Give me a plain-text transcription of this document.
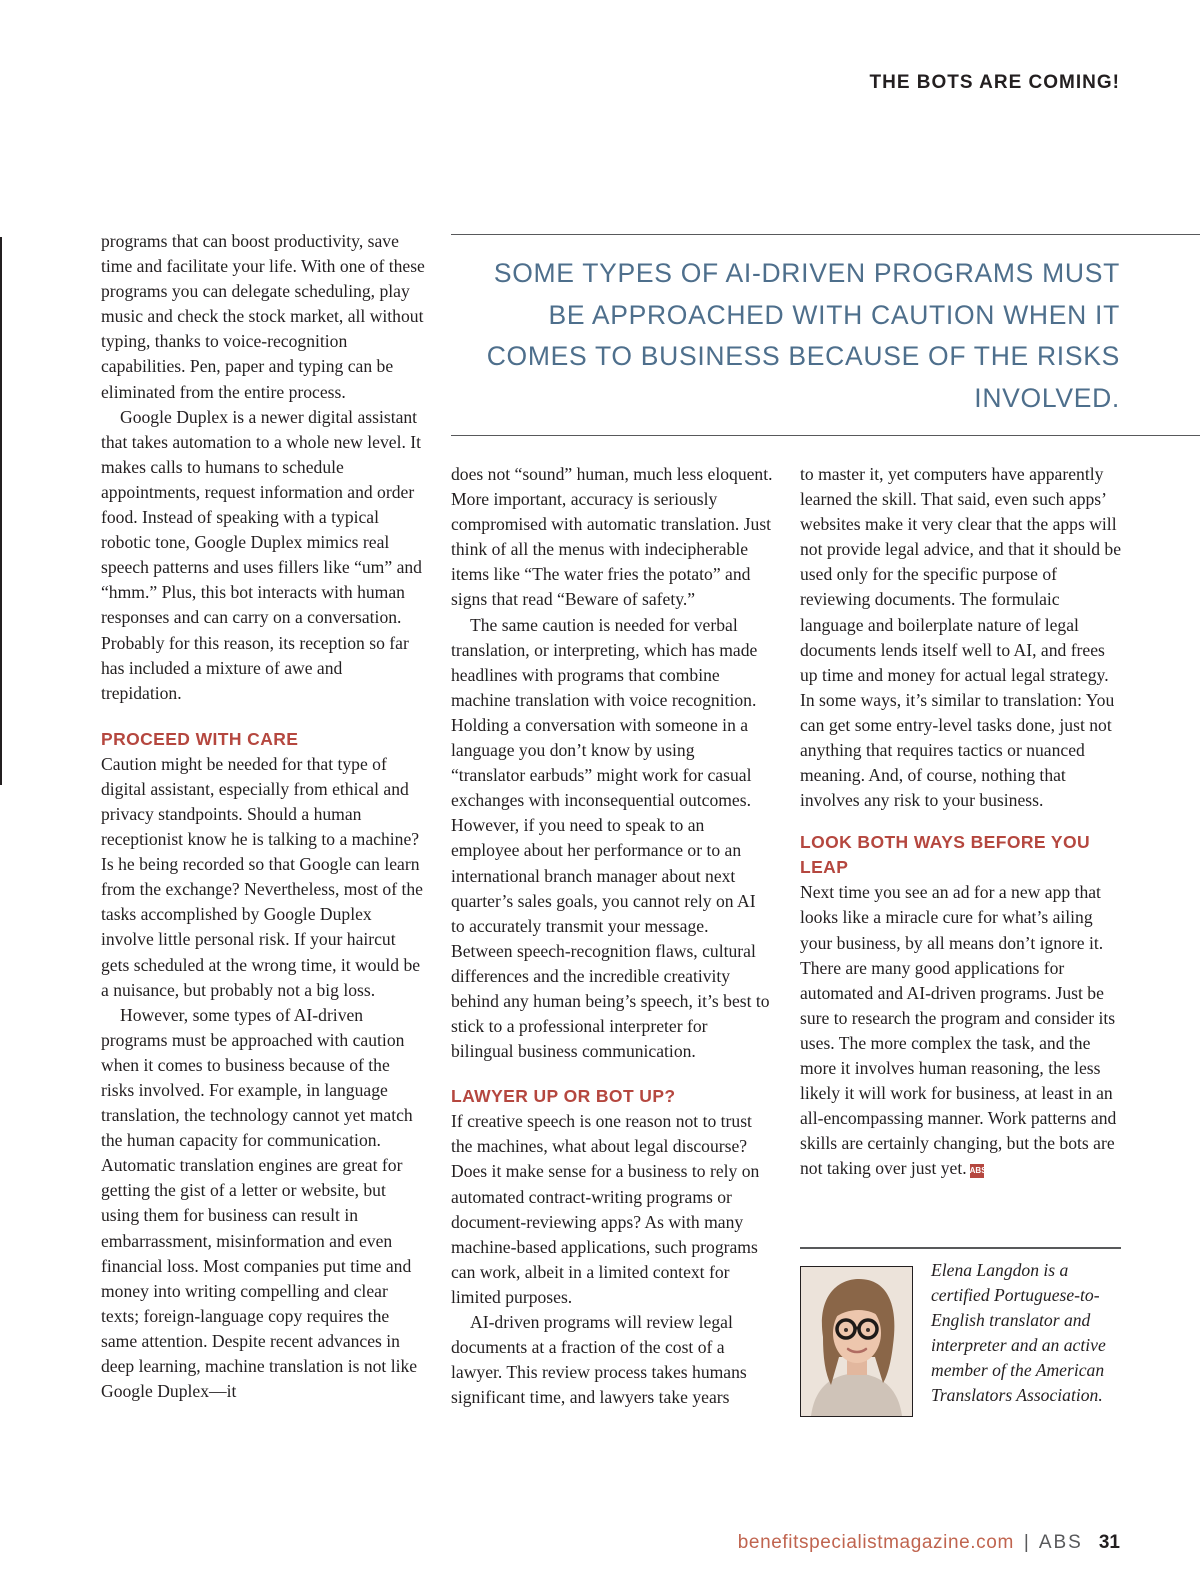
THE BOTS ARE COMING!

programs that can boost productivity, save time and facilitate your life. With one of these programs you can delegate scheduling, play music and check the stock market, all without typing, thanks to voice-recognition capabilities. Pen, paper and typing can be eliminated from the entire process.

Google Duplex is a newer digital assistant that takes automation to a whole new level. It makes calls to humans to schedule appointments, request information and order food. Instead of speaking with a typical robotic tone, Google Duplex mimics real speech patterns and uses fillers like “um” and “hmm.” Plus, this bot interacts with human responses and can carry on a conversation. Probably for this reason, its reception so far has included a mixture of awe and trepidation.

PROCEED WITH CARE

Caution might be needed for that type of digital assistant, especially from ethical and privacy standpoints. Should a human receptionist know he is talking to a machine? Is he being recorded so that Google can learn from the exchange? Nevertheless, most of the tasks accomplished by Google Duplex involve little personal risk. If your haircut gets scheduled at the wrong time, it would be a nuisance, but probably not a big loss.

However, some types of AI-driven programs must be approached with caution when it comes to business because of the risks involved. For example, in language translation, the technology cannot yet match the human capacity for communication. Automatic translation engines are great for getting the gist of a letter or website, but using them for business can result in embarrassment, misinformation and even financial loss. Most companies put time and money into writing compelling and clear texts; foreign-language copy requires the same attention. Despite recent advances in deep learning, machine translation is not like Google Duplex—it

SOME TYPES OF AI-DRIVEN PROGRAMS MUST BE APPROACHED WITH CAUTION WHEN IT COMES TO BUSINESS BECAUSE OF THE RISKS INVOLVED.

does not “sound” human, much less eloquent. More important, accuracy is seriously compromised with automatic translation. Just think of all the menus with indecipherable items like “The water fries the potato” and signs that read “Beware of safety.”

The same caution is needed for verbal translation, or interpreting, which has made headlines with programs that combine machine translation with voice recognition. Holding a conversation with someone in a language you don’t know by using “translator earbuds” might work for casual exchanges with inconsequential outcomes. However, if you need to speak to an employee about her performance or to an international branch manager about next quarter’s sales goals, you cannot rely on AI to accurately transmit your message. Between speech-recognition flaws, cultural differences and the incredible creativity behind any human being’s speech, it’s best to stick to a professional interpreter for bilingual business communication.

LAWYER UP OR BOT UP?

If creative speech is one reason not to trust the machines, what about legal discourse? Does it make sense for a business to rely on automated contract-writing programs or document-reviewing apps? As with many machine-based applications, such programs can work, albeit in a limited context for limited purposes.

AI-driven programs will review legal documents at a fraction of the cost of a lawyer. This review process takes humans significant time, and lawyers take years

to master it, yet computers have apparently learned the skill. That said, even such apps’ websites make it very clear that the apps will not provide legal advice, and that it should be used only for the specific purpose of reviewing documents. The formulaic language and boilerplate nature of legal documents lends itself well to AI, and frees up time and money for actual legal strategy. In some ways, it’s similar to translation: You can get some entry-level tasks done, just not anything that requires tactics or nuanced meaning. And, of course, nothing that involves any risk to your business.

LOOK BOTH WAYS BEFORE YOU LEAP

Next time you see an ad for a new app that looks like a miracle cure for what’s ailing your business, by all means don’t ignore it. There are many good applications for automated and AI-driven programs. Just be sure to research the program and consider its uses. The more complex the task, and the more it involves human reasoning, the less likely it will work for business, at least in an all-encompassing manner. Work patterns and skills are certainly changing, but the bots are not taking over just yet. ABS

Elena Langdon is a certified Portuguese-to-English translator and interpreter and an active member of the American Translators Association.

benefitspecialistmagazine.com | ABS 31
